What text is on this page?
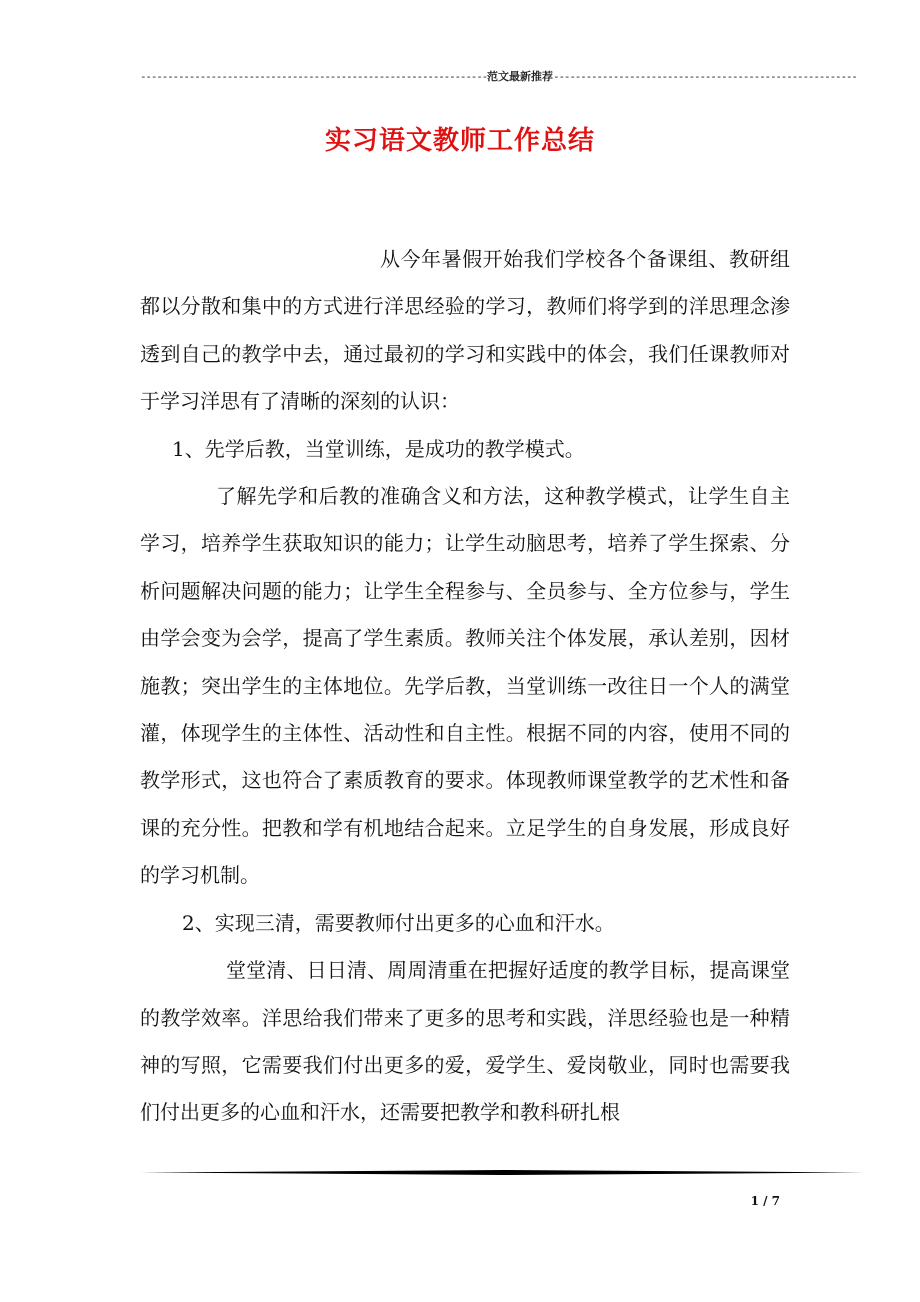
----------------------------------------------------------------范文最新推荐--------------------------------------------------------
实习语文教师工作总结

从今年暑假开始我们学校各个备课组、教研组都以分散和集中的方式进行洋思经验的学习，教师们将学到的洋思理念渗透到自己的教学中去，通过最初的学习和实践中的体会，我们任课教师对于学习洋思有了清晰的深刻的认识：

1、先学后教，当堂训练，是成功的教学模式。

了解先学和后教的准确含义和方法，这种教学模式，让学生自主学习，培养学生获取知识的能力；让学生动脑思考，培养了学生探索、分析问题解决问题的能力；让学生全程参与、全员参与、全方位参与，学生由学会变为会学，提高了学生素质。教师关注个体发展，承认差别，因材施教；突出学生的主体地位。先学后教，当堂训练一改往日一个人的满堂灌，体现学生的主体性、活动性和自主性。根据不同的内容，使用不同的教学形式，这也符合了素质教育的要求。体现教师课堂教学的艺术性和备课的充分性。把教和学有机地结合起来。立足学生的自身发展，形成良好的学习机制。

2、实现三清，需要教师付出更多的心血和汗水。

堂堂清、日日清、周周清重在把握好适度的教学目标，提高课堂的教学效率。洋思给我们带来了更多的思考和实践，洋思经验也是一种精神的写照，它需要我们付出更多的爱，爱学生、爱岗敬业，同时也需要我们付出更多的心血和汗水，还需要把教学和教科研扎根

1 / 7
